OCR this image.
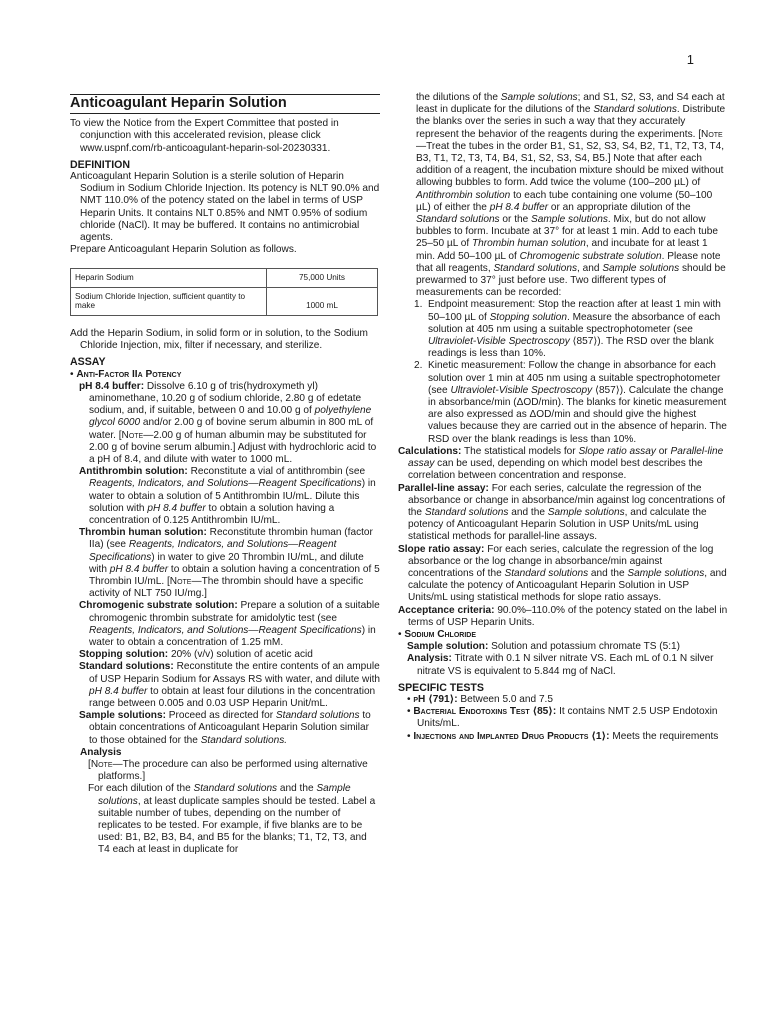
1

Anticoagulant Heparin Solution

To view the Notice from the Expert Committee that posted in conjunction with this accelerated revision, please click www.uspnf.com/rb-anticoagulant-heparin-sol-20230331.

DEFINITION

Anticoagulant Heparin Solution is a sterile solution of Heparin Sodium in Sodium Chloride Injection. Its potency is NLT 90.0% and NMT 110.0% of the potency stated on the label in terms of USP Heparin Units. It contains NLT 0.85% and NMT 0.95% of sodium chloride (NaCl). It may be buffered. It contains no antimicrobial agents.

Prepare Anticoagulant Heparin Solution as follows.

Heparin Sodium	75,000 Units
Sodium Chloride Injection, sufficient quantity to make	1000 mL

Add the Heparin Sodium, in solid form or in solution, to the Sodium Chloride Injection, mix, filter if necessary, and sterilize.

ASSAY

• Anti-Factor IIa Potency

pH 8.4 buffer: Dissolve 6.10 g of tris(hydroxymeth yl) aminomethane, 10.20 g of sodium chloride, 2.80 g of edetate sodium, and, if suitable, between 0 and 10.00 g of polyethylene glycol 6000 and/or 2.00 g of bovine serum albumin in 800 mL of water. [Note—2.00 g of human albumin may be substituted for 2.00 g of bovine serum albumin.] Adjust with hydrochloric acid to a pH of 8.4, and dilute with water to 1000 mL.

Antithrombin solution: Reconstitute a vial of antithrombin (see Reagents, Indicators, and Solutions—Reagent Specifications) in water to obtain a solution of 5 Antithrombin IU/mL. Dilute this solution with pH 8.4 buffer to obtain a solution having a concentration of 0.125 Antithrombin IU/mL.

Thrombin human solution: Reconstitute thrombin human (factor IIa) (see Reagents, Indicators, and Solutions—Reagent Specifications) in water to give 20 Thrombin IU/mL, and dilute with pH 8.4 buffer to obtain a solution having a concentration of 5 Thrombin IU/mL. [Note—The thrombin should have a specific activity of NLT 750 IU/mg.]

Chromogenic substrate solution: Prepare a solution of a suitable chromogenic thrombin substrate for amidolytic test (see Reagents, Indicators, and Solutions—Reagent Specifications) in water to obtain a concentration of 1.25 mM.

Stopping solution: 20% (v/v) solution of acetic acid

Standard solutions: Reconstitute the entire contents of an ampule of USP Heparin Sodium for Assays RS with water, and dilute with pH 8.4 buffer to obtain at least four dilutions in the concentration range between 0.005 and 0.03 USP Heparin Unit/mL.

Sample solutions: Proceed as directed for Standard solutions to obtain concentrations of Anticoagulant Heparin Solution similar to those obtained for the Standard solutions.

Analysis

[Note—The procedure can also be performed using alternative platforms.]

For each dilution of the Standard solutions and the Sample solutions, at least duplicate samples should be tested. Label a suitable number of tubes, depending on the number of replicates to be tested. For example, if five blanks are to be used: B1, B2, B3, B4, and B5 for the blanks; T1, T2, T3, and T4 each at least in duplicate for

the dilutions of the Sample solutions; and S1, S2, S3, and S4 each at least in duplicate for the dilutions of the Standard solutions. Distribute the blanks over the series in such a way that they accurately represent the behavior of the reagents during the experiments. [Note—Treat the tubes in the order B1, S1, S2, S3, S4, B2, T1, T2, T3, T4, B3, T1, T2, T3, T4, B4, S1, S2, S3, S4, B5.] Note that after each addition of a reagent, the incubation mixture should be mixed without allowing bubbles to form. Add twice the volume (100–200 µL) of Antithrombin solution to each tube containing one volume (50–100 µL) of either the pH 8.4 buffer or an appropriate dilution of the Standard solutions or the Sample solutions. Mix, but do not allow bubbles to form. Incubate at 37° for at least 1 min. Add to each tube 25–50 µL of Thrombin human solution, and incubate for at least 1 min. Add 50–100 µL of Chromogenic substrate solution. Please note that all reagents, Standard solutions, and Sample solutions should be prewarmed to 37° just before use. Two different types of measurements can be recorded:

1. Endpoint measurement: Stop the reaction after at least 1 min with 50–100 µL of Stopping solution. Measure the absorbance of each solution at 405 nm using a suitable spectrophotometer (see Ultraviolet-Visible Spectroscopy ⟨857⟩). The RSD over the blank readings is less than 10%.
2. Kinetic measurement: Follow the change in absorbance for each solution over 1 min at 405 nm using a suitable spectrophotometer (see Ultraviolet-Visible Spectroscopy ⟨857⟩). Calculate the change in absorbance/min (ΔOD/min). The blanks for kinetic measurement are also expressed as ΔOD/min and should give the highest values because they are carried out in the absence of heparin. The RSD over the blank readings is less than 10%.

Calculations: The statistical models for Slope ratio assay or Parallel-line assay can be used, depending on which model best describes the correlation between concentration and response.

Parallel-line assay: For each series, calculate the regression of the absorbance or change in absorbance/min against log concentrations of the Standard solutions and the Sample solutions, and calculate the potency of Anticoagulant Heparin Solution in USP Units/mL using statistical methods for parallel-line assays.

Slope ratio assay: For each series, calculate the regression of the log absorbance or the log change in absorbance/min against concentrations of the Standard solutions and the Sample solutions, and calculate the potency of Anticoagulant Heparin Solution in USP Units/mL using statistical methods for slope ratio assays.

Acceptance criteria: 90.0%–110.0% of the potency stated on the label in terms of USP Heparin Units.

• Sodium Chloride

Sample solution: Solution and potassium chromate TS (5:1)

Analysis: Titrate with 0.1 N silver nitrate VS. Each mL of 0.1 N silver nitrate VS is equivalent to 5.844 mg of NaCl.

SPECIFIC TESTS

• pH ⟨791⟩: Between 5.0 and 7.5

• Bacterial Endotoxins Test ⟨85⟩: It contains NMT 2.5 USP Endotoxin Units/mL.

• Injections and Implanted Drug Products ⟨1⟩: Meets the requirements
